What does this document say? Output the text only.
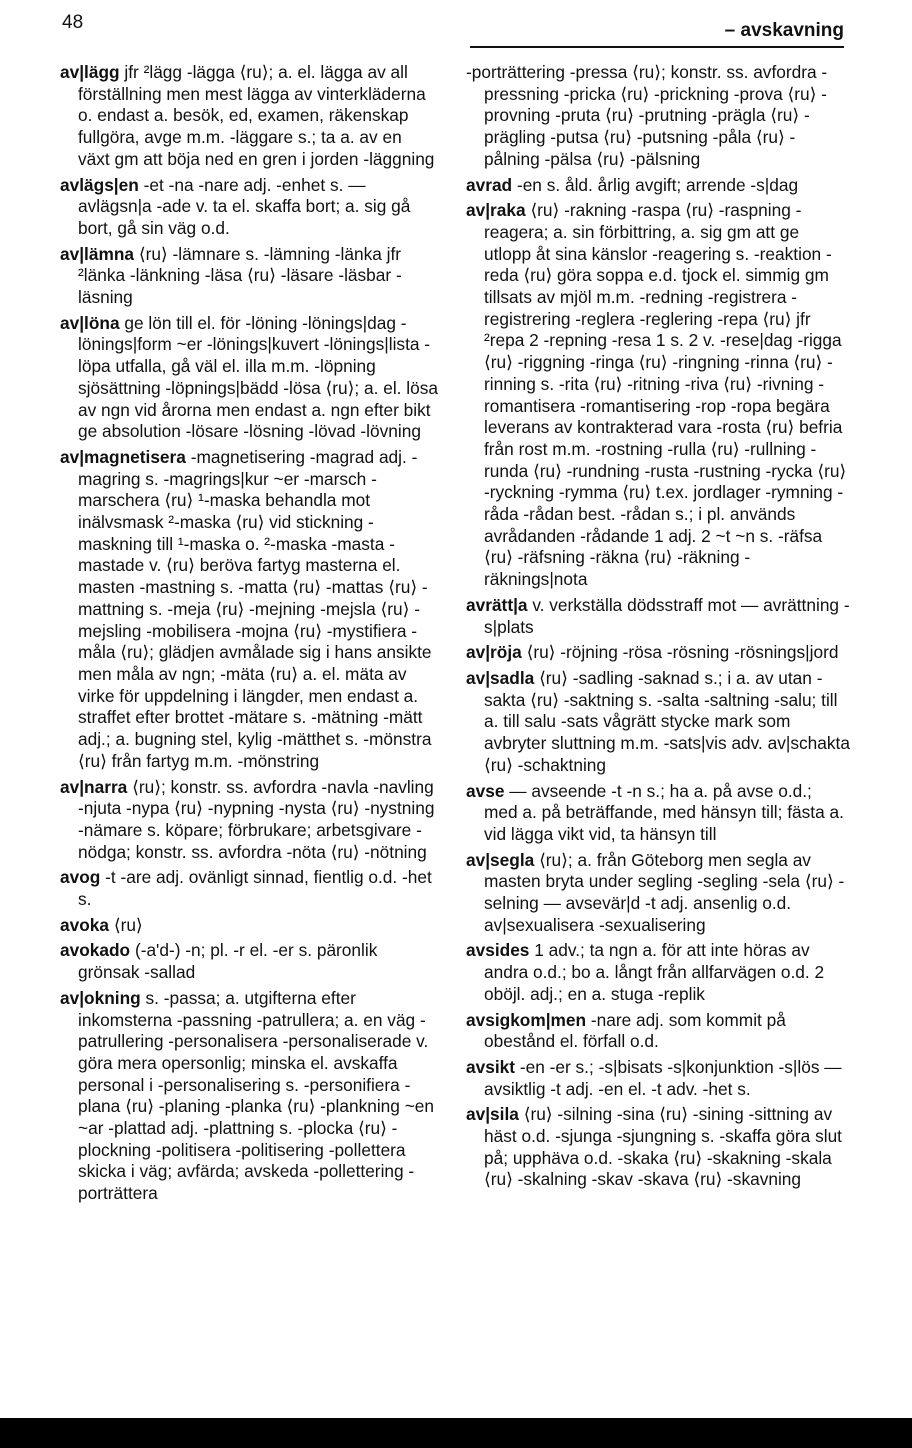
48	– avskavning
av|lägg jfr ²lägg -lägga ⟨ru⟩; a. el. lägga av all förställning men mest lägga av vinterkläderna o. endast a. besök, ed, examen, räkenskap fullgöra, avge m.m. -läggare s.; ta a. av en växt gm att böja ned en gren i jorden -läggning
avlägs|en -et -na -nare adj. -enhet s. — avlägsn|a -ade v. ta el. skaffa bort; a. sig gå bort, gå sin väg o.d.
av|lämna ⟨ru⟩ -lämnare s. -lämning -länka jfr ²länka -länkning -läsa ⟨ru⟩ -läsare -läsbar -läsning
av|löna ge lön till el. för -löning -lönings|dag -lönings|form ~er -lönings|kuvert -lönings|lista -löpa utfalla, gå väl el. illa m.m. -löpning sjösättning -löpnings|bädd -lösa ⟨ru⟩; a. el. lösa av ngn vid årorna men endast a. ngn efter bikt ge absolution -lösare -lösning -lövad -lövning
av|magnetisera -magnetisering -magrad adj. -magring s. -magrings|kur ~er -marsch -marschera ⟨ru⟩ ¹-maska behandla mot inälvsmask ²-maska ⟨ru⟩ vid stickning -maskning till ¹-maska o. ²-maska -masta -mastade v. ⟨ru⟩ beröva fartyg masterna el. masten -mastning s. -matta ⟨ru⟩ -mattas ⟨ru⟩ -mattning s. -meja ⟨ru⟩ -mejning -mejsla ⟨ru⟩ -mejsling -mobilisera -mojna ⟨ru⟩ -mystifiera -måla ⟨ru⟩; glädjen avmålade sig i hans ansikte men måla av ngn; -mäta ⟨ru⟩ a. el. mäta av virke för uppdelning i längder, men endast a. straffet efter brottet -mätare s. -mätning -mätt adj.; a. bugning stel, kylig -mätthet s. -mönstra ⟨ru⟩ från fartyg m.m. -mönstring
av|narra ⟨ru⟩; konstr. ss. avfordra -navla -navling -njuta -nypa ⟨ru⟩ -nypning -nysta ⟨ru⟩ -nystning -nämare s. köpare; förbrukare; arbetsgivare -nödga; konstr. ss. avfordra -nöta ⟨ru⟩ -nötning
avog -t -are adj. ovänligt sinnad, fientlig o.d. -het s.
avoka ⟨ru⟩
avokado (-a'd-) -n; pl. -r el. -er s. päronlik grönsak -sallad
av|okning s. -passa; a. utgifterna efter inkomsterna -passning -patrullera; a. en väg -patrullering -personalisera -personaliserade v. göra mera opersonlig; minska el. avskaffa personal i -personalisering s. -personifiera -plana ⟨ru⟩ -planing -planka ⟨ru⟩ -plankning ~en ~ar -plattad adj. -plattning s. -plocka ⟨ru⟩ -plockning -politisera -politisering -pollettera skicka i väg; avfärda; avskeda -pollettering -porträttera
-porträttering -pressa ⟨ru⟩; konstr. ss. avfordra -pressning -pricka ⟨ru⟩ -prickning -prova ⟨ru⟩ -provning -pruta ⟨ru⟩ -prutning -prägla ⟨ru⟩ -prägling -putsa ⟨ru⟩ -putsning -påla ⟨ru⟩ -pålning -pälsa ⟨ru⟩ -pälsning
avrad -en s. åld. årlig avgift; arrende -s|dag
av|raka ⟨ru⟩ -rakning -raspa ⟨ru⟩ -raspning -reagera; a. sin förbittring, a. sig gm att ge utlopp åt sina känslor -reagering s. -reaktion -reda ⟨ru⟩ göra soppa e.d. tjock el. simmig gm tillsats av mjöl m.m. -redning -registrera -registrering -reglera -reglering -repa ⟨ru⟩ jfr ²repa 2 -repning -resa 1 s. 2 v. -rese|dag -rigga ⟨ru⟩ -riggning -ringa ⟨ru⟩ -ringning -rinna ⟨ru⟩ -rinning s. -rita ⟨ru⟩ -ritning -riva ⟨ru⟩ -rivning -romantisera -romantisering -rop -ropa begära leverans av kontrakterad vara -rosta ⟨ru⟩ befria från rost m.m. -rostning -rulla ⟨ru⟩ -rullning -runda ⟨ru⟩ -rundning -rusta -rustning -rycka ⟨ru⟩ -ryckning -rymma ⟨ru⟩ t.ex. jordlager -rymning -råda -rådan best. -rådan s.; i pl. används avrådanden -rådande 1 adj. 2 ~t ~n s. -räfsa ⟨ru⟩ -räfsning -räkna ⟨ru⟩ -räkning -räknings|nota
avrätt|a v. verkställa dödsstraff mot — avrättning -s|plats
av|röja ⟨ru⟩ -röjning -rösa -rösning -rösnings|jord
av|sadla ⟨ru⟩ -sadling -saknad s.; i a. av utan -sakta ⟨ru⟩ -saktning s. -salta -saltning -salu; till a. till salu -sats vågrätt stycke mark som avbryter sluttning m.m. -sats|vis adv. av|schakta ⟨ru⟩ -schaktning
avse — avseende -t -n s.; ha a. på avse o.d.; med a. på beträffande, med hänsyn till; fästa a. vid lägga vikt vid, ta hänsyn till
av|segla ⟨ru⟩; a. från Göteborg men segla av masten bryta under segling -segling -sela ⟨ru⟩ -selning — avsevär|d -t adj. ansenlig o.d. av|sexualisera -sexualisering
avsides 1 adv.; ta ngn a. för att inte höras av andra o.d.; bo a. långt från allfarvägen o.d. 2 oböjl. adj.; en a. stuga -replik
avsigkom|men -nare adj. som kommit på obestånd el. förfall o.d.
avsikt -en -er s.; -s|bisats -s|konjunktion -s|lös — avsiktlig -t adj. -en el. -t adv. -het s.
av|sila ⟨ru⟩ -silning -sina ⟨ru⟩ -sining -sittning av häst o.d. -sjunga -sjungning s. -skaffa göra slut på; upphäva o.d. -skaka ⟨ru⟩ -skakning -skala ⟨ru⟩ -skalning -skav -skava ⟨ru⟩ -skavning
